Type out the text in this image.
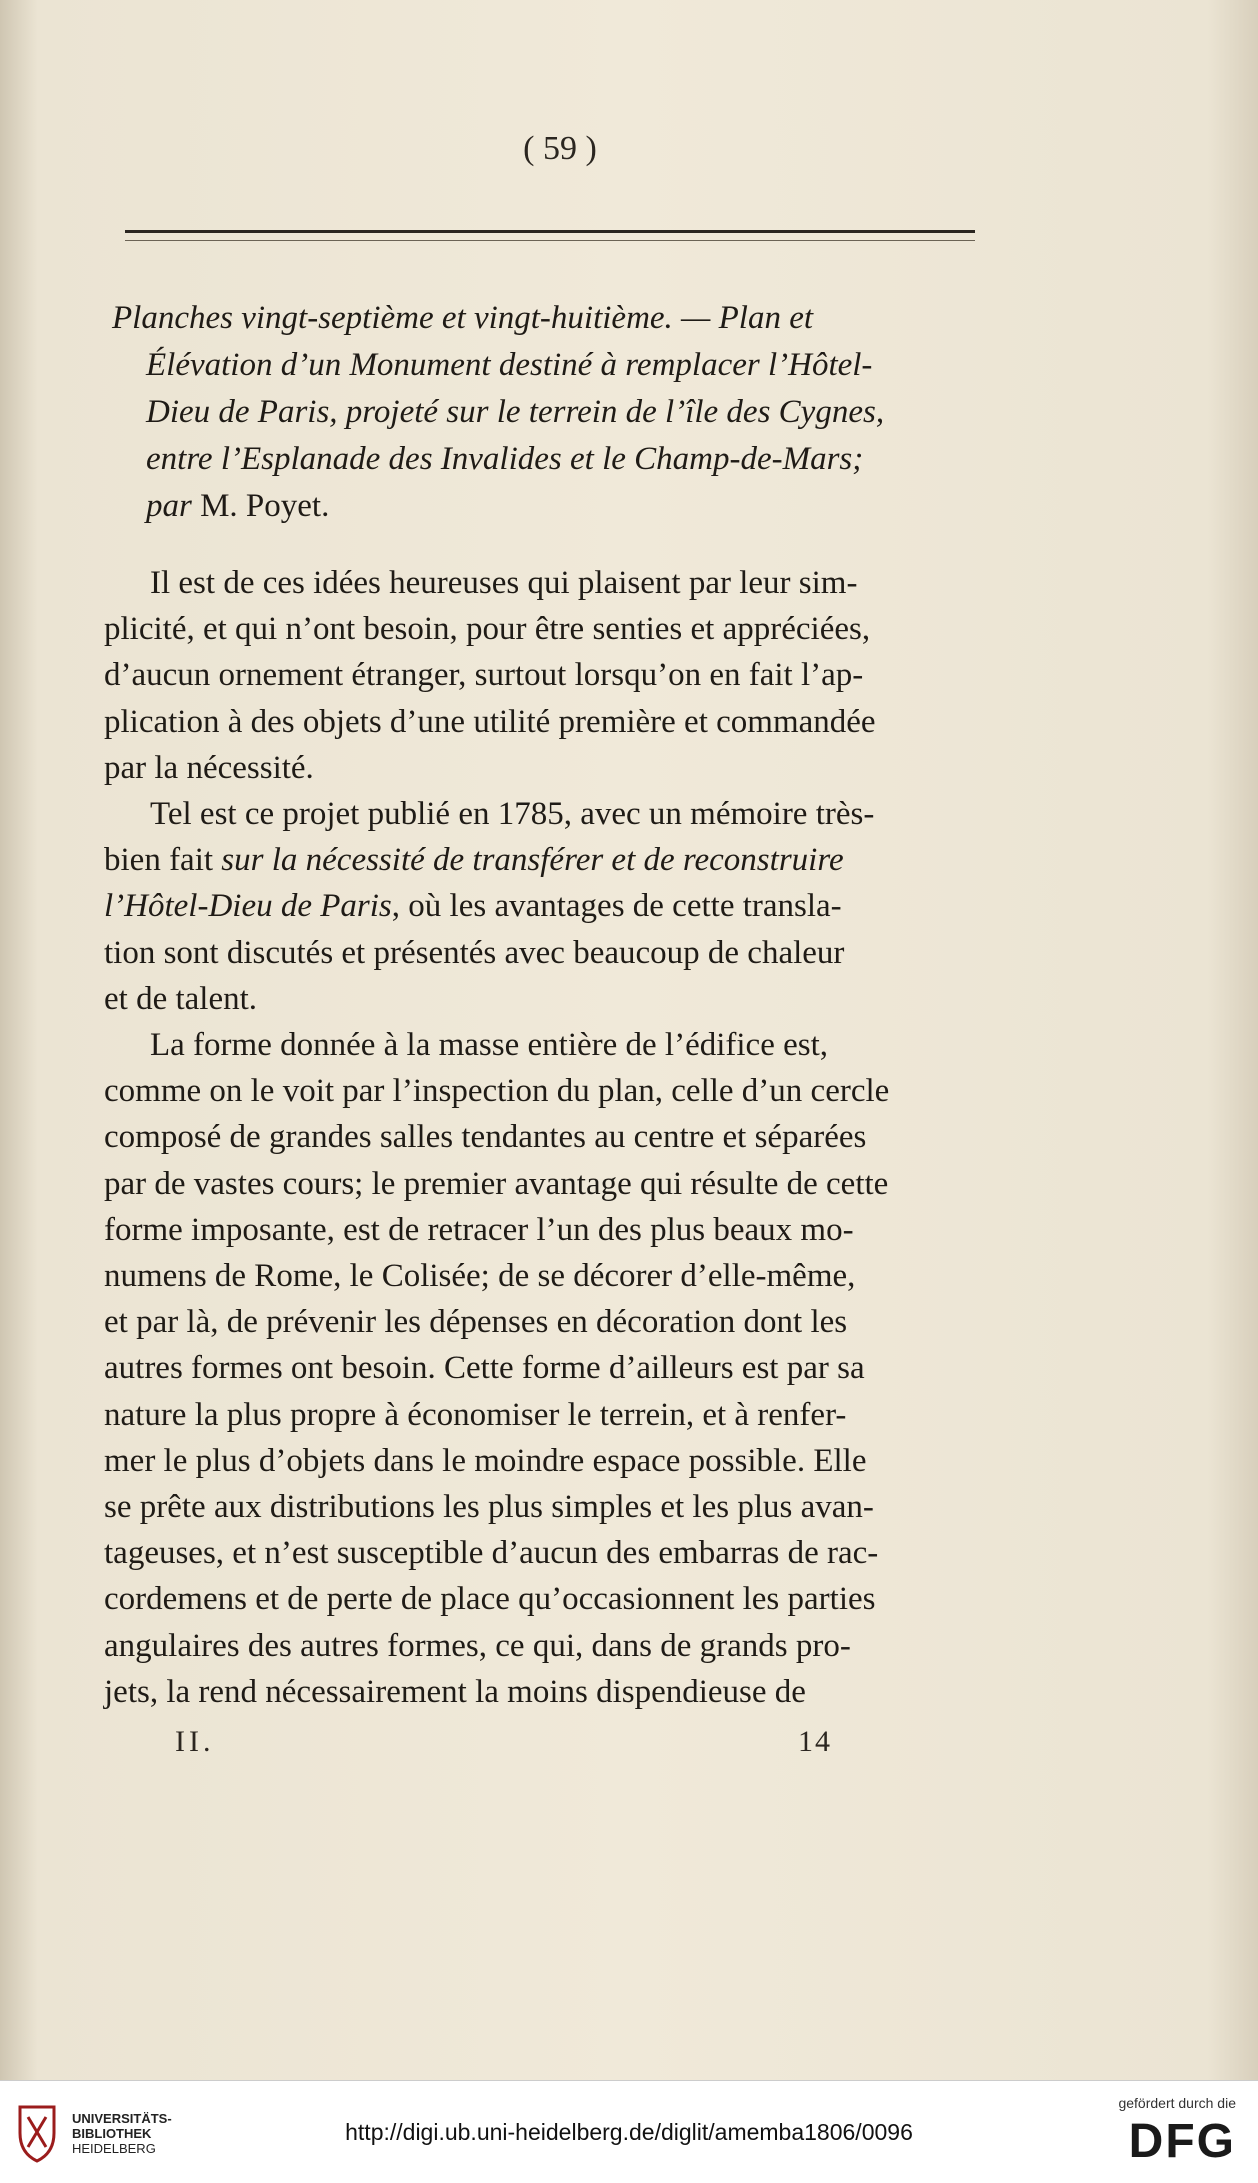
( 59 )
Planches vingt-septième et vingt-huitième. — Plan et
Élévation d’un Monument destiné à remplacer l’Hôtel-
Dieu de Paris, projeté sur le terrein de l’île des Cygnes,
entre l’Esplanade des Invalides et le Champ-de-Mars;
par M. Poyet.
Il est de ces idées heureuses qui plaisent par leur sim-
plicité, et qui n’ont besoin, pour être senties et appréciées,
d’aucun ornement étranger, surtout lorsqu’on en fait l’ap-
plication à des objets d’une utilité première et commandée
par la nécessité.
Tel est ce projet publié en 1785, avec un mémoire très-
bien fait sur la nécessité de transférer et de reconstruire
l’Hôtel-Dieu de Paris, où les avantages de cette transla-
tion sont discutés et présentés avec beaucoup de chaleur
et de talent.
La forme donnée à la masse entière de l’édifice est,
comme on le voit par l’inspection du plan, celle d’un cercle
composé de grandes salles tendantes au centre et séparées
par de vastes cours; le premier avantage qui résulte de cette
forme imposante, est de retracer l’un des plus beaux mo-
numens de Rome, le Colisée; de se décorer d’elle-même,
et par là, de prévenir les dépenses en décoration dont les
autres formes ont besoin. Cette forme d’ailleurs est par sa
nature la plus propre à économiser le terrein, et à renfer-
mer le plus d’objets dans le moindre espace possible. Elle
se prête aux distributions les plus simples et les plus avan-
tageuses, et n’est susceptible d’aucun des embarras de rac-
cordemens et de perte de place qu’occasionnent les parties
angulaires des autres formes, ce qui, dans de grands pro-
jets, la rend nécessairement la moins dispendieuse de
II.	14
UNIVERSITÄTS-
BIBLIOTHEK
HEIDELBERG
http://digi.ub.uni-heidelberg.de/diglit/amemba1806/0096
gefördert durch die
DFG
